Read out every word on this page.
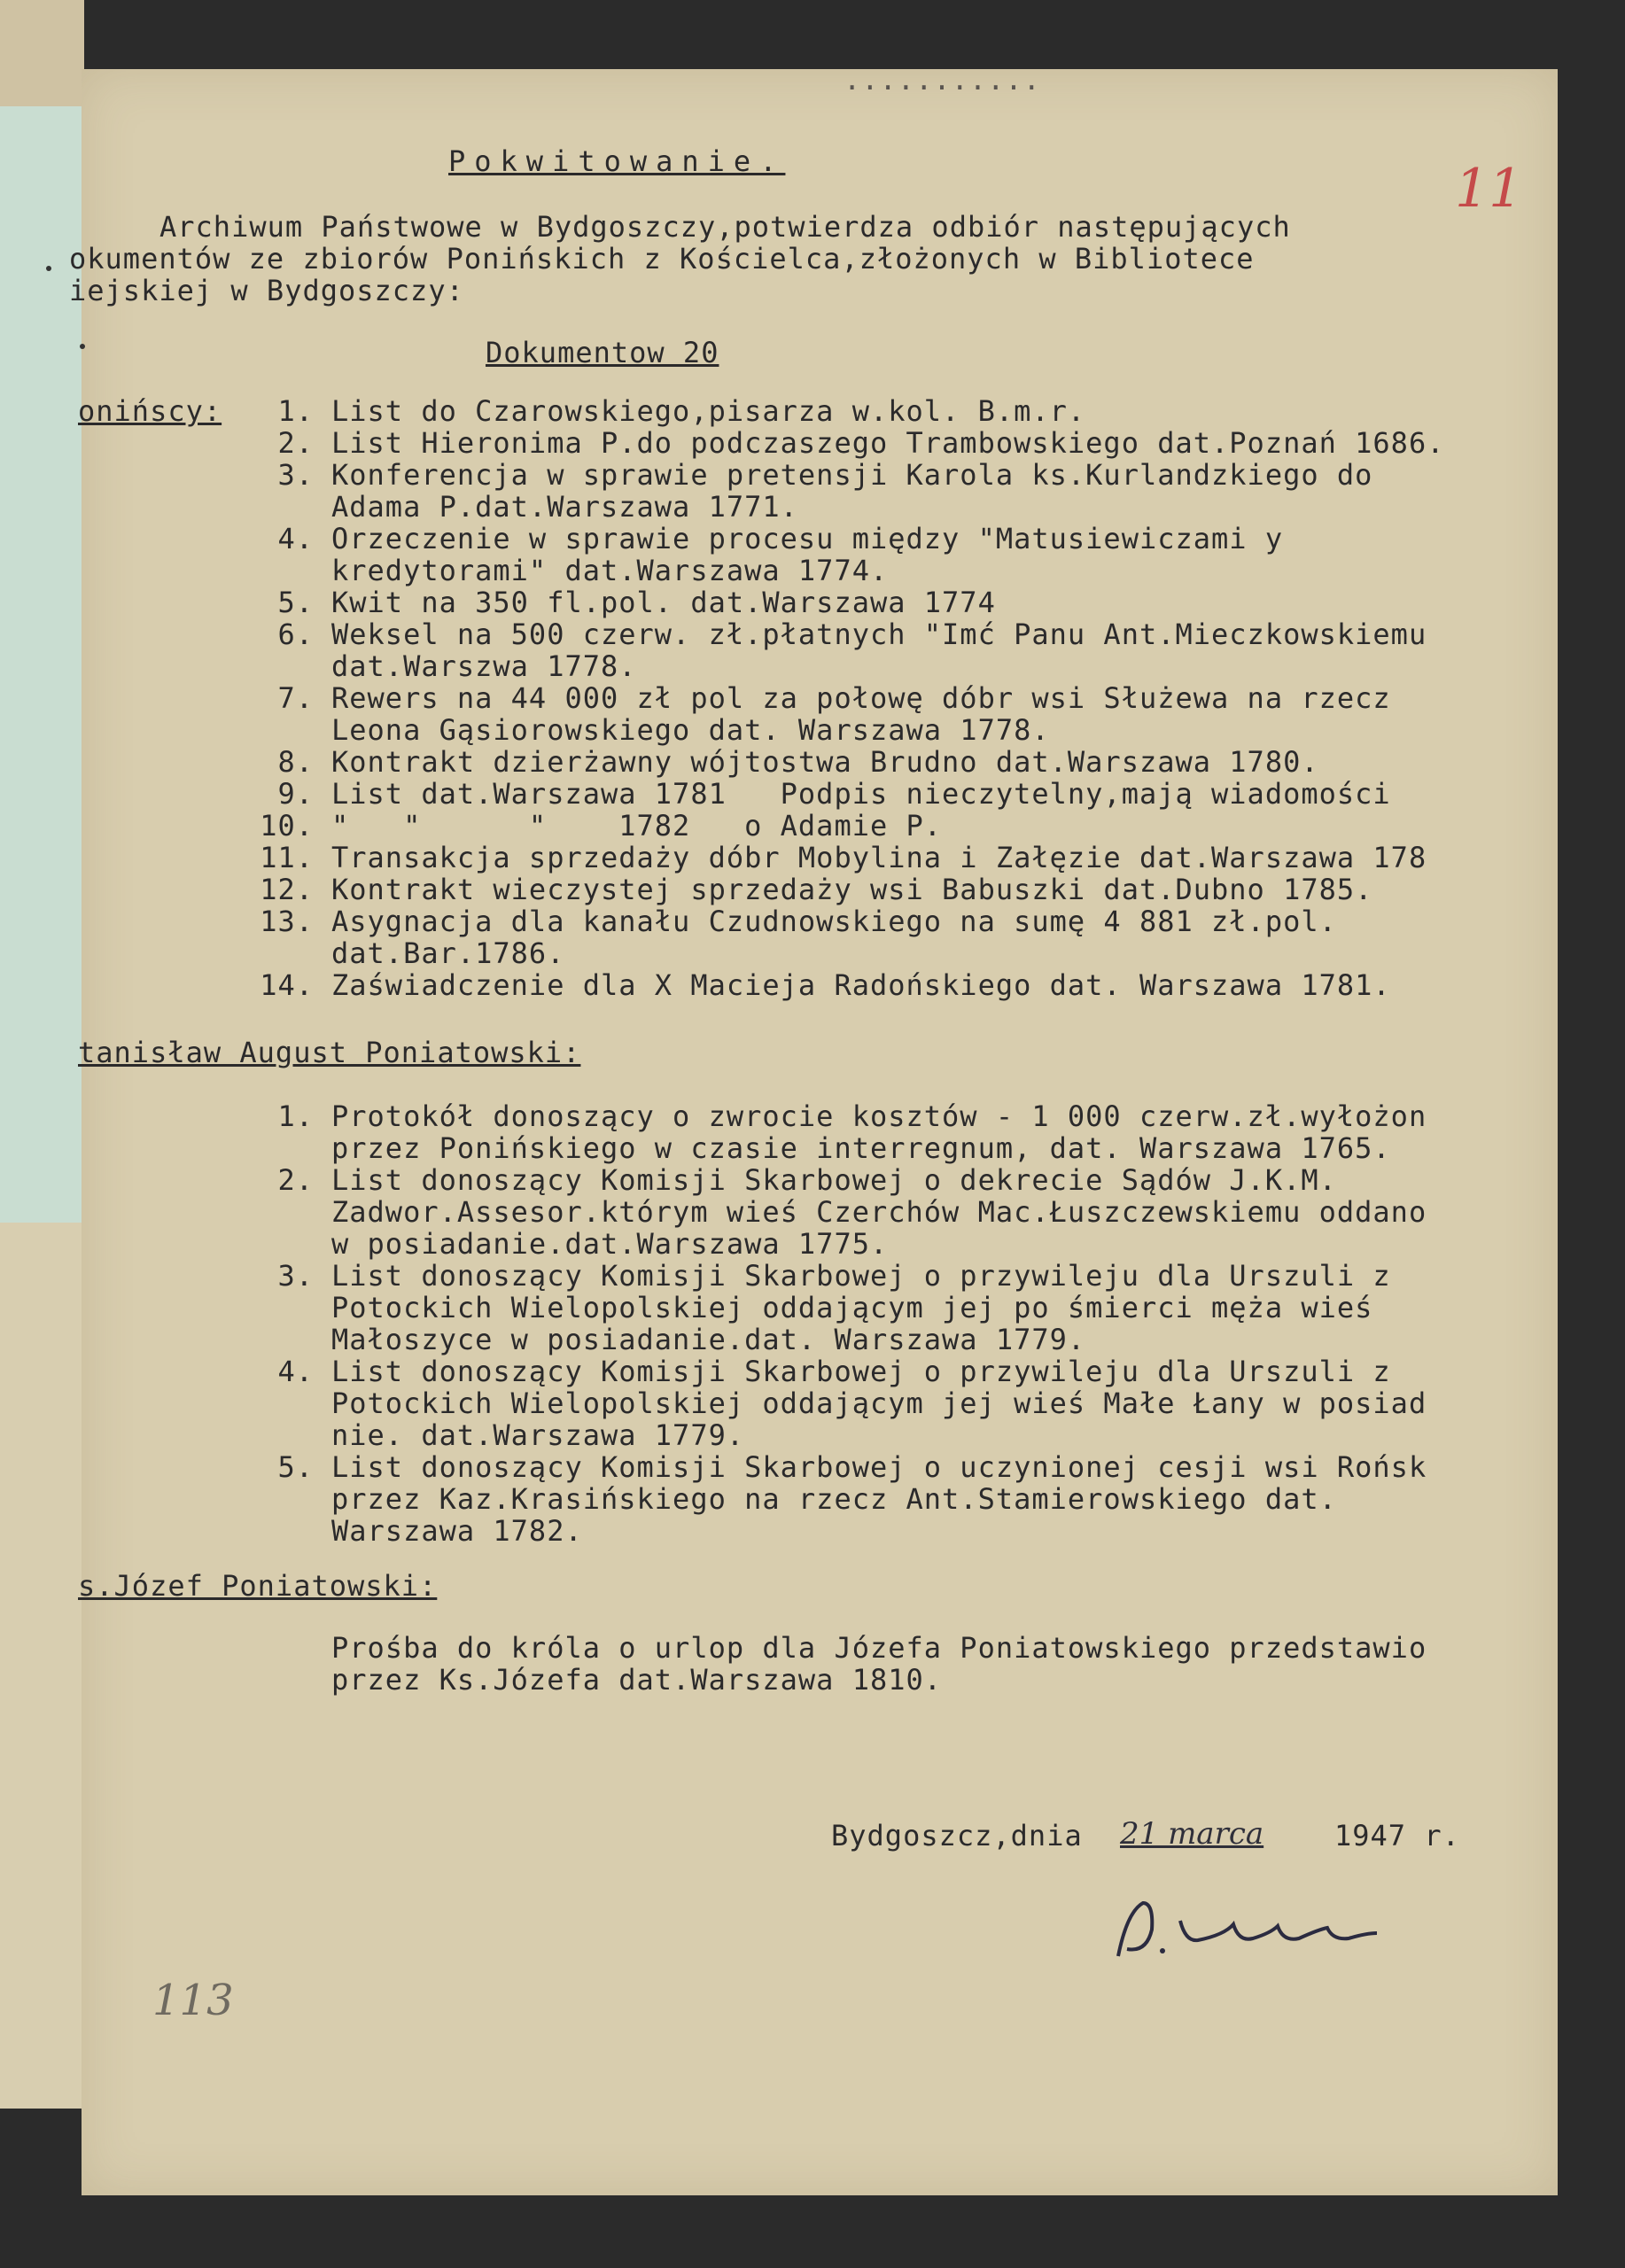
...........
11
Pokwitowanie.
Archiwum Państwowe w Bydgoszczy,potwierdza odbiór następujących
okumentów ze zbiorów Ponińskich z Kościelca,złożonych w Bibliotece
iejskiej w Bydgoszczy:
Dokumentow 20
onińscy:	1. List do Czarowskiego,pisarza w.kol. B.m.r.
2. List Hieronima P.do podczaszego Trambowskiego dat.Poznań 1686.
3. Konferencja w sprawie pretensji Karola ks.Kurlandzkiego do
Adama P.dat.Warszawa 1771.
4. Orzeczenie w sprawie procesu między "Matusiewiczami y
kredytorami" dat.Warszawa 1774.
5. Kwit na 350 fl.pol. dat.Warszawa 1774
6. Weksel na 500 czerw. zł.płatnych "Imć Panu Ant.Mieczkowskiemu
dat.Warszwa 1778.
7. Rewers na 44 000 zł pol za połowę dóbr wsi Służewa na rzecz
Leona Gąsiorowskiego dat. Warszawa 1778.
8. Kontrakt dzierżawny wójtostwa Brudno dat.Warszawa 1780.
9. List dat.Warszawa 1781   Podpis nieczytelny,mają wiadomości
10. "   "      "    1782   o Adamie P.
11. Transakcja sprzedaży dóbr Mobylina i Załęzie dat.Warszawa 178
12. Kontrakt wieczystej sprzedaży wsi Babuszki dat.Dubno 1785.
13. Asygnacja dla kanału Czudnowskiego na sumę 4 881 zł.pol.
dat.Bar.1786.
14. Zaświadczenie dla X Macieja Radońskiego dat. Warszawa 1781.
tanisław August Poniatowski:
1. Protokół donoszący o zwrocie kosztów - 1 000 czerw.zł.wyłożon
przez Ponińskiego w czasie interregnum, dat. Warszawa 1765.
2. List donoszący Komisji Skarbowej o dekrecie Sądów J.K.M.
Zadwor.Assesor.którym wieś Czerchów Mac.Łuszczewskiemu oddano
w posiadanie.dat.Warszawa 1775.
3. List donoszący Komisji Skarbowej o przywileju dla Urszuli z
Potockich Wielopolskiej oddającym jej po śmierci męża wieś
Małoszyce w posiadanie.dat. Warszawa 1779.
4. List donoszący Komisji Skarbowej o przywileju dla Urszuli z
Potockich Wielopolskiej oddającym jej wieś Małe Łany w posiad
nie. dat.Warszawa 1779.
5. List donoszący Komisji Skarbowej o uczynionej cesji wsi Rońsk
przez Kaz.Krasińskiego na rzecz Ant.Stamierowskiego dat.
Warszawa 1782.
s.Józef Poniatowski:
Prośba do króla o urlop dla Józefa Poniatowskiego przedstawio
przez Ks.Józefa dat.Warszawa 1810.
Bydgoszcz,dnia 21 marca 1947 r.
113
